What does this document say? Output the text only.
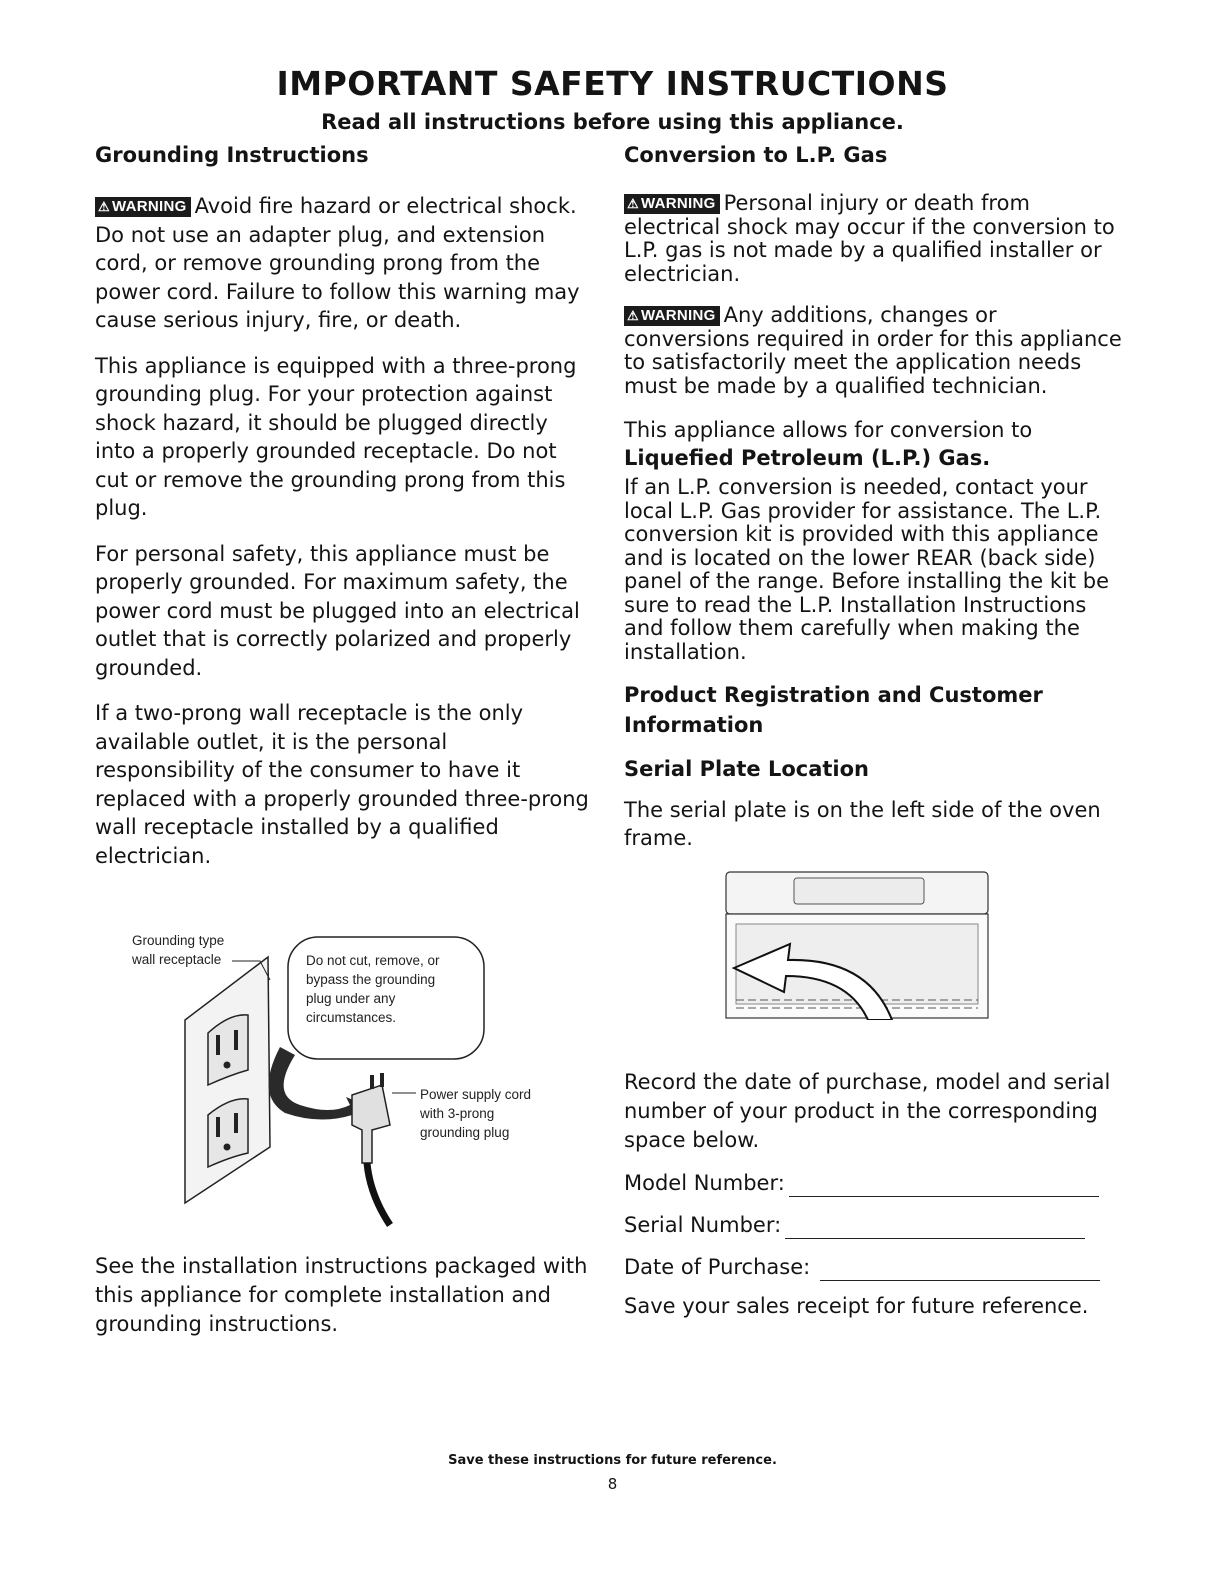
IMPORTANT SAFETY INSTRUCTIONS
Read all instructions before using this appliance.
Grounding Instructions

⚠ WARNING Avoid fire hazard or electrical shock. Do not use an adapter plug, and extension cord, or remove grounding prong from the power cord. Failure to follow this warning may cause serious injury, fire, or death.

This appliance is equipped with a three-prong grounding plug. For your protection against shock hazard, it should be plugged directly into a properly grounded receptacle. Do not cut or remove the grounding prong from this plug.

For personal safety, this appliance must be properly grounded. For maximum safety, the power cord must be plugged into an electrical outlet that is correctly polarized and properly grounded.

If a two-prong wall receptacle is the only available outlet, it is the personal responsibility of the consumer to have it replaced with a properly grounded three-prong wall receptacle installed by a qualified electrician.

Grounding type
wall receptacle	Do not cut, remove, or
bypass the grounding
plug under any
circumstances.
Power supply cord
with 3-prong
grounding plug

See the installation instructions packaged with this appliance for complete installation and grounding instructions.

Conversion to L.P. Gas

⚠ WARNING Personal injury or death from electrical shock may occur if the conversion to L.P. gas is not made by a qualified installer or electrician.

⚠ WARNING Any additions, changes or conversions required in order for this appliance to satisfactorily meet the application needs must be made by a qualified technician.

This appliance allows for conversion to
Liquefied Petroleum (L.P.) Gas.

If an L.P. conversion is needed, contact your local L.P. Gas provider for assistance. The L.P. conversion kit is provided with this appliance and is located on the lower REAR (back side) panel of the range. Before installing the kit be sure to read the L.P. Installation Instructions and follow them carefully when making the installation.

Product Registration and Customer Information
Serial Plate Location

The serial plate is on the left side of the oven frame.

Record the date of purchase, model and serial number of your product in the corresponding space below.

Model Number:
Serial Number:
Date of Purchase:

Save your sales receipt for future reference.

Save these instructions for future reference.
8
